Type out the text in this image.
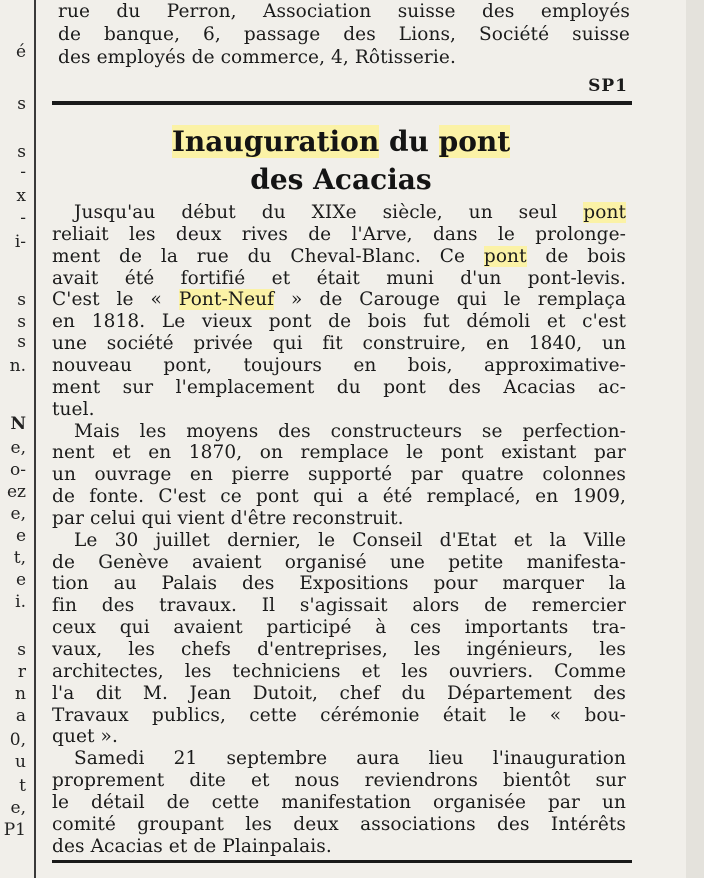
é
s
s
-
x
-
i-
s
s
s
n.
N
e,
o-
ez
e,
e
t,
e
i.
s
r
n
a
0,
u
t
e,
P1
rue du Perron, Association suisse des employés
de banque, 6, passage des Lions, Société suisse
des employés de commerce, 4, Rôtisserie.
SP1
Inauguration du pont
des Acacias
Jusqu'au début du XIXe siècle, un seul pont
reliait les deux rives de l'Arve, dans le prolonge-
ment de la rue du Cheval-Blanc. Ce pont de bois
avait été fortifié et était muni d'un pont-levis.
C'est le « Pont-Neuf » de Carouge qui le remplaça
en 1818. Le vieux pont de bois fut démoli et c'est
une société privée qui fit construire, en 1840, un
nouveau pont, toujours en bois, approximative-
ment sur l'emplacement du pont des Acacias ac-
tuel.
Mais les moyens des constructeurs se perfection-
nent et en 1870, on remplace le pont existant par
un ouvrage en pierre supporté par quatre colonnes
de fonte. C'est ce pont qui a été remplacé, en 1909,
par celui qui vient d'être reconstruit.
Le 30 juillet dernier, le Conseil d'Etat et la Ville
de Genève avaient organisé une petite manifesta-
tion au Palais des Expositions pour marquer la
fin des travaux. Il s'agissait alors de remercier
ceux qui avaient participé à ces importants tra-
vaux, les chefs d'entreprises, les ingénieurs, les
architectes, les techniciens et les ouvriers. Comme
l'a dit M. Jean Dutoit, chef du Département des
Travaux publics, cette cérémonie était le « bou-
quet ».
Samedi 21 septembre aura lieu l'inauguration
proprement dite et nous reviendrons bientôt sur
le détail de cette manifestation organisée par un
comité groupant les deux associations des Intérêts
des Acacias et de Plainpalais.
